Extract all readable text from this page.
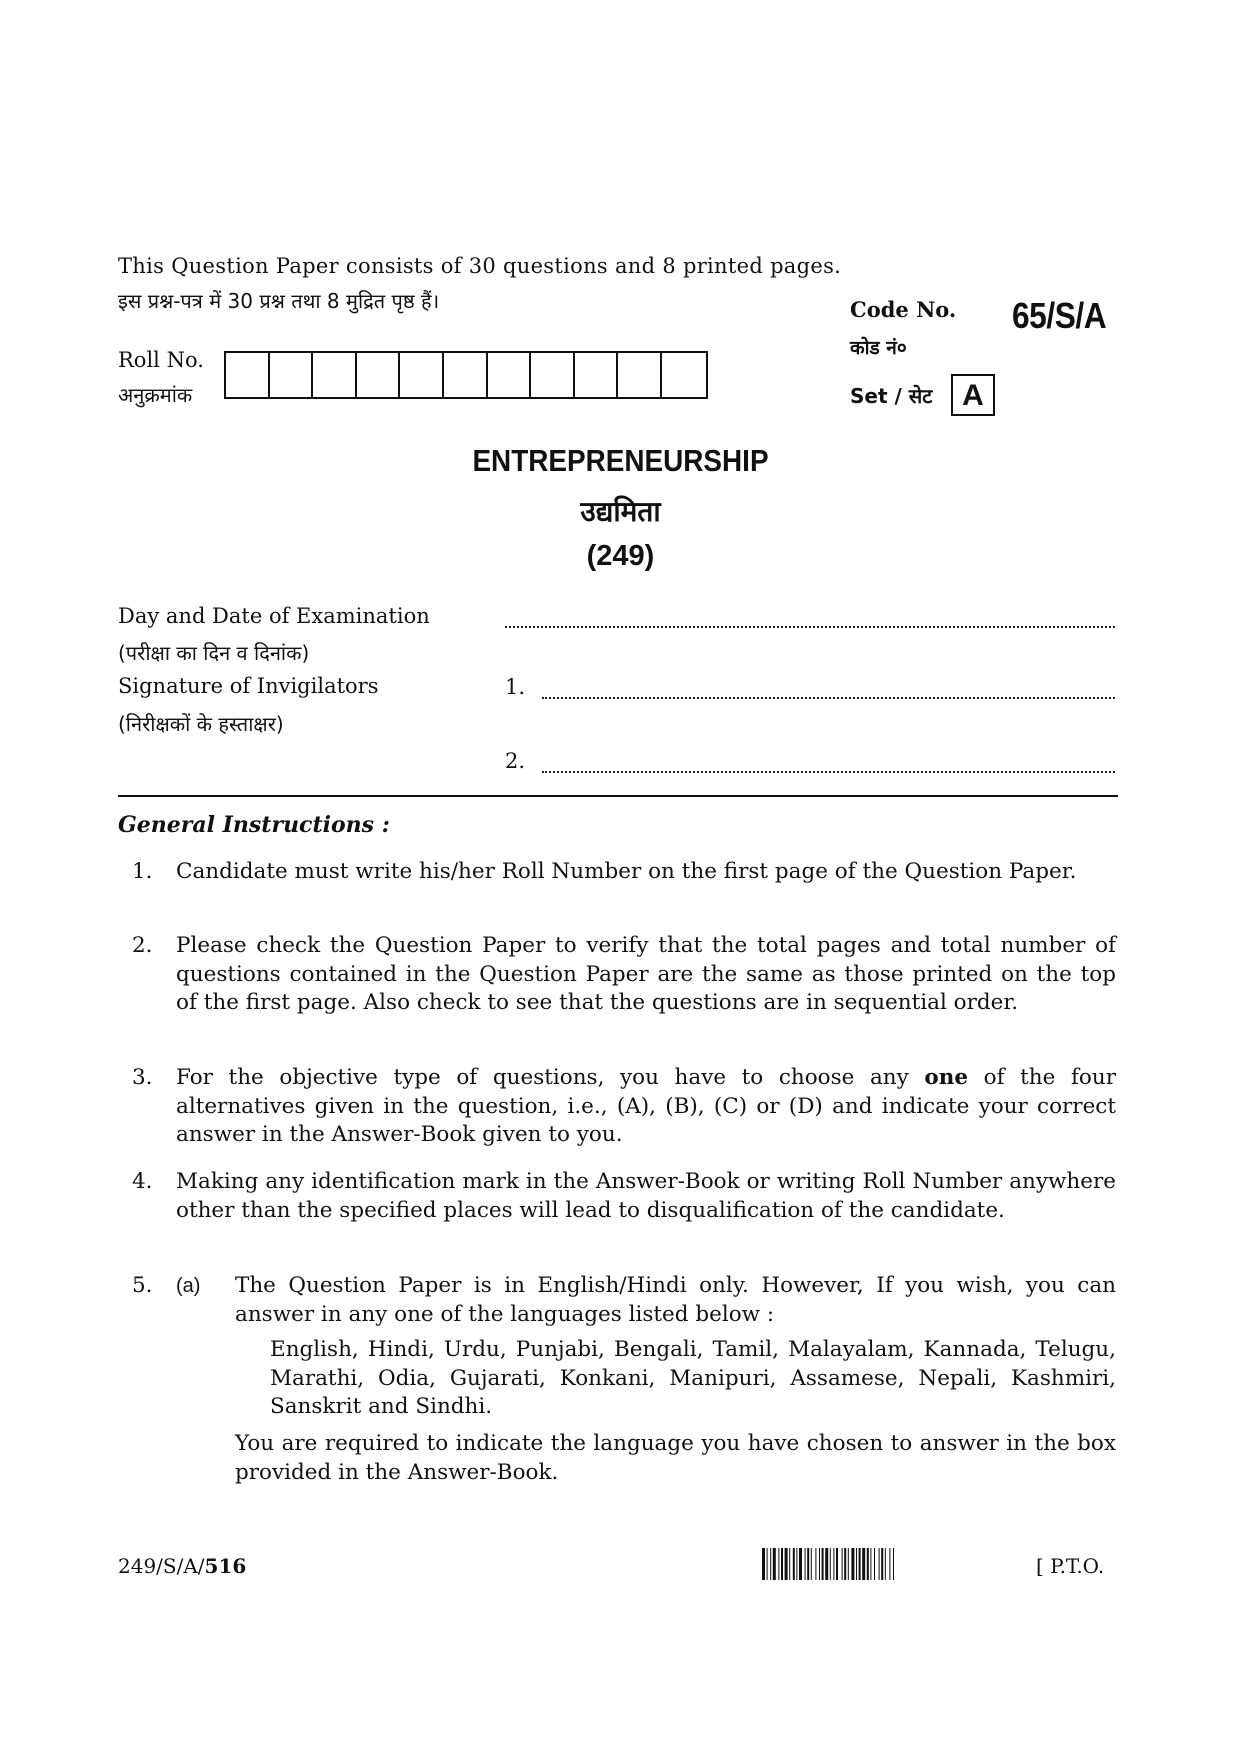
This Question Paper consists of 30 questions and 8 printed pages.
इस प्रश्न-पत्र में 30 प्रश्न तथा 8 मुद्रित पृष्ठ हैं।	Code No.
कोड नं०
65/S/A
Roll No.
अनुक्रमांक	Set / सेट A
ENTREPRENEURSHIP
उद्यमिता
(249)
Day and Date of Examination
(परीक्षा का दिन व दिनांक)
Signature of Invigilators
(निरीक्षकों के हस्ताक्षर)
1.
2.
General Instructions :
1. Candidate must write his/her Roll Number on the first page of the Question Paper.
2. Please check the Question Paper to verify that the total pages and total number of questions contained in the Question Paper are the same as those printed on the top of the first page. Also check to see that the questions are in sequential order.
3. For the objective type of questions, you have to choose any one of the four alternatives given in the question, i.e., (A), (B), (C) or (D) and indicate your correct answer in the Answer-Book given to you.
4. Making any identification mark in the Answer-Book or writing Roll Number anywhere other than the specified places will lead to disqualification of the candidate.
5. (a) The Question Paper is in English/Hindi only. However, If you wish, you can answer in any one of the languages listed below :
English, Hindi, Urdu, Punjabi, Bengali, Tamil, Malayalam, Kannada, Telugu, Marathi, Odia, Gujarati, Konkani, Manipuri, Assamese, Nepali, Kashmiri, Sanskrit and Sindhi.
You are required to indicate the language you have chosen to answer in the box provided in the Answer-Book.
249/S/A/516	[ P.T.O.
